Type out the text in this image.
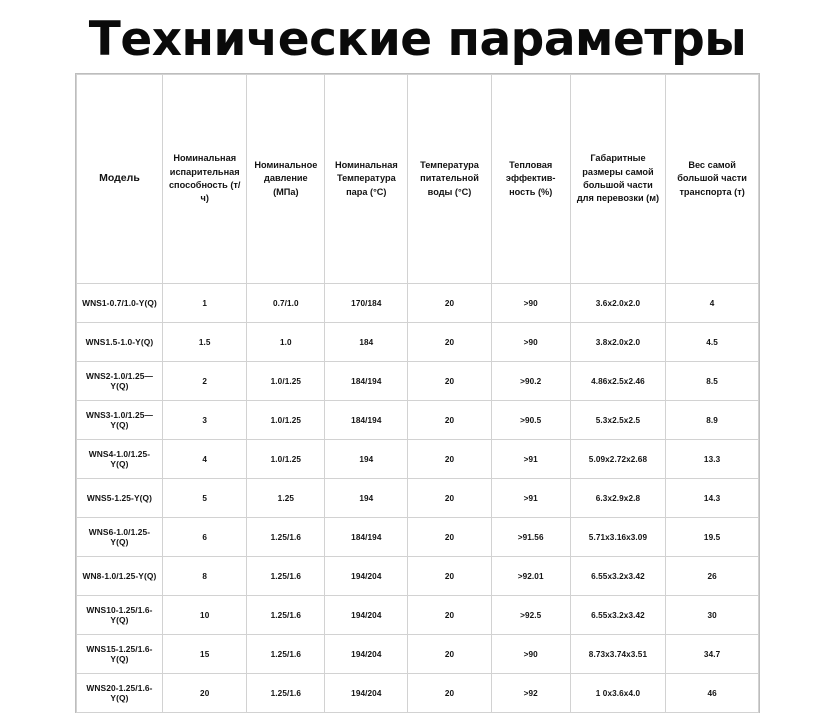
Технические параметры
Модель	Номинальная испарительная способность (т/ч)	Номинальное давление (МПа)	Номинальная Температура пара (°C)	Температура питательной воды (°C)	Тепловая эффектив-ность (%)	Габаритные размеры самой большой части для перевозки (м)	Вес самой большой части транспорта (т)
WNS1-0.7/1.0-Y(Q)	1	0.7/1.0	170/184	20	>90	3.6x2.0x2.0	4
WNS1.5-1.0-Y(Q)	1.5	1.0	184	20	>90	3.8x2.0x2.0	4.5
WNS2-1.0/1.25—Y(Q)	2	1.0/1.25	184/194	20	>90.2	4.86x2.5x2.46	8.5
WNS3-1.0/1.25—Y(Q)	3	1.0/1.25	184/194	20	>90.5	5.3x2.5x2.5	8.9
WNS4-1.0/1.25-Y(Q)	4	1.0/1.25	194	20	>91	5.09x2.72x2.68	13.3
WNS5-1.25-Y(Q)	5	1.25	194	20	>91	6.3x2.9x2.8	14.3
WNS6-1.0/1.25-Y(Q)	6	1.25/1.6	184/194	20	>91.56	5.71x3.16x3.09	19.5
WN8-1.0/1.25-Y(Q)	8	1.25/1.6	194/204	20	>92.01	6.55x3.2x3.42	26
WNS10-1.25/1.6-Y(Q)	10	1.25/1.6	194/204	20	>92.5	6.55x3.2x3.42	30
WNS15-1.25/1.6-Y(Q)	15	1.25/1.6	194/204	20	>90	8.73x3.74x3.51	34.7
WNS20-1.25/1.6-Y(Q)	20	1.25/1.6	194/204	20	>92	1 0x3.6x4.0	46
